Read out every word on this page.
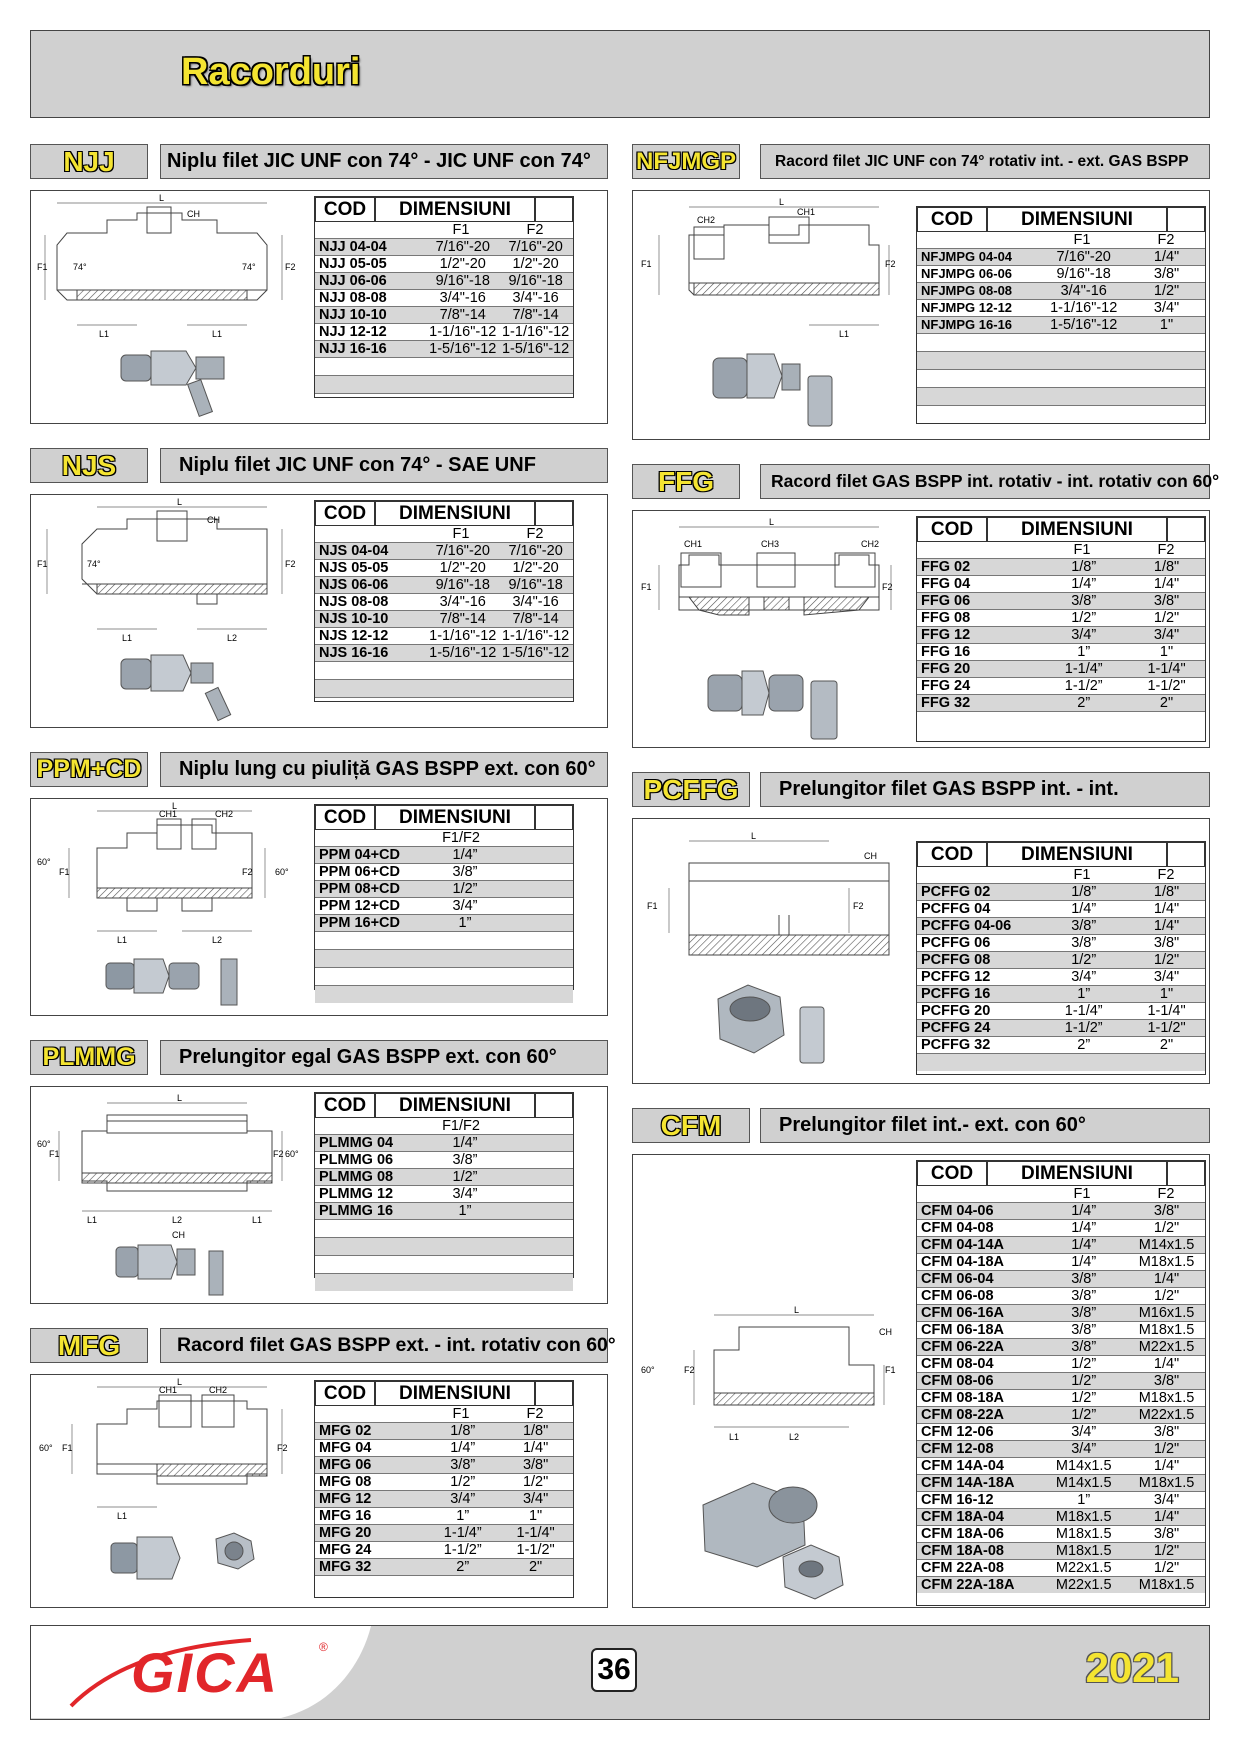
Racorduri
NJJ	Niplu filet JIC UNF con 74° - JIC UNF con 74°
L
CH
F1	F2
74°	74°
L1	L1
COD	DIMENSIUNI
F1	F2
NJJ 04-04	7/16"-20	7/16"-20
NJJ 05-05	1/2"-20	1/2"-20
NJJ 06-06	9/16"-18	9/16"-18
NJJ 08-08	3/4"-16	3/4"-16
NJJ 10-10	7/8"-14	7/8"-14
NJJ 12-12	1-1/16"-12 1-1/16"-12
NJJ 16-16	1-5/16"-12 1-5/16"-12
NJS	Niplu filet JIC UNF con 74° - SAE UNF
L
CH
F1	F2
74°
L1	L2
COD	DIMENSIUNI
F1	F2
NJS 04-04	7/16"-20	7/16"-20
NJS 05-05	1/2"-20	1/2"-20
NJS 06-06	9/16"-18	9/16"-18
NJS 08-08	3/4"-16	3/4"-16
NJS 10-10	7/8"-14	7/8"-14
NJS 12-12	1-1/16"-12 1-1/16"-12
NJS 16-16	1-5/16"-12 1-5/16"-12
PPM+CD	Niplu lung cu piuliță GAS BSPP ext. con 60°
L
CH1	CH2
F1	F2
60°
60°
L1	L2
COD	DIMENSIUNI
F1/F2
PPM 04+CD	1/4”
PPM 06+CD	3/8”
PPM 08+CD	1/2”
PPM 12+CD	3/4”
PPM 16+CD	1”
PLMMG	Prelungitor egal GAS BSPP ext. con 60°
L
F1	F2
60°
60°
L1	L2	L1
CH
COD	DIMENSIUNI
F1/F2
PLMMG 04	1/4”
PLMMG 06	3/8”
PLMMG 08	1/2”
PLMMG 12	3/4”
PLMMG 16	1”
MFG	Racord filet GAS BSPP ext. - int. rotativ con 60°
L
CH1	CH2
F1	F2
60°
L1
COD	DIMENSIUNI
F1	F2
MFG 02	1/8”	1/8"
MFG 04	1/4”	1/4"
MFG 06	3/8”	3/8"
MFG 08	1/2”	1/2"
MFG 12	3/4”	3/4"
MFG 16	1”	1"
MFG 20	1-1/4”	1-1/4"
MFG 24	1-1/2”	1-1/2"
MFG 32	2”	2"
NFJMGP	Racord filet JIC UNF con 74° rotativ int. - ext. GAS BSPP
L
CH2
CH1
F1	F2
L1
COD	DIMENSIUNI
F1	F2
NFJMPG 04-04	7/16"-20	1/4"
NFJMPG 06-06	9/16"-18	3/8"
NFJMPG 08-08	3/4"-16	1/2"
NFJMPG 12-12	1-1/16"-12	3/4"
NFJMPG 16-16	1-5/16"-12	1"
FFG	Racord filet GAS BSPP int. rotativ - int. rotativ con 60°
L
CH1	CH3	CH2
F1	F2
COD	DIMENSIUNI
F1	F2
FFG 02	1/8”	1/8"
FFG 04	1/4”	1/4"
FFG 06	3/8”	3/8"
FFG 08	1/2”	1/2"
FFG 12	3/4”	3/4"
FFG 16	1”	1"
FFG 20	1-1/4”	1-1/4"
FFG 24	1-1/2”	1-1/2"
FFG 32	2”	2"
PCFFG	Prelungitor filet GAS BSPP int. - int.
L
CH
F1	F2
COD	DIMENSIUNI
F1	F2
PCFFG 02	1/8”	1/8"
PCFFG 04	1/4”	1/4"
PCFFG 04-06	3/8”	1/4"
PCFFG 06	3/8”	3/8"
PCFFG 08	1/2”	1/2"
PCFFG 12	3/4”	3/4"
PCFFG 16	1”	1"
PCFFG 20	1-1/4”	1-1/4"
PCFFG 24	1-1/2”	1-1/2"
PCFFG 32	2”	2"
CFM	Prelungitor filet int.- ext. con 60°
L
CH
F2	F1
60°
L1	L2
COD	DIMENSIUNI
F1	F2
CFM 04-06	1/4”	3/8"
CFM 04-08	1/4”	1/2"
CFM 04-14A	1/4”	M14x1.5
CFM 04-18A	1/4”	M18x1.5
CFM 06-04	3/8”	1/4"
CFM 06-08	3/8”	1/2"
CFM 06-16A	3/8”	M16x1.5
CFM 06-18A	3/8”	M18x1.5
CFM 06-22A	3/8”	M22x1.5
CFM 08-04	1/2”	1/4"
CFM 08-06	1/2”	3/8"
CFM 08-18A	1/2”	M18x1.5
CFM 08-22A	1/2”	M22x1.5
CFM 12-06	3/4”	3/8"
CFM 12-08	3/4”	1/2"
CFM 14A-04	M14x1.5	1/4"
CFM 14A-18A	M14x1.5	M18x1.5
CFM 16-12	1”	3/4"
CFM 18A-04	M18x1.5	1/4"
CFM 18A-06	M18x1.5	3/8"
CFM 18A-08	M18x1.5	1/2"
CFM 22A-08	M22x1.5	1/2"
CFM 22A-18A	M22x1.5	M18x1.5
GICA	®
36	2021
